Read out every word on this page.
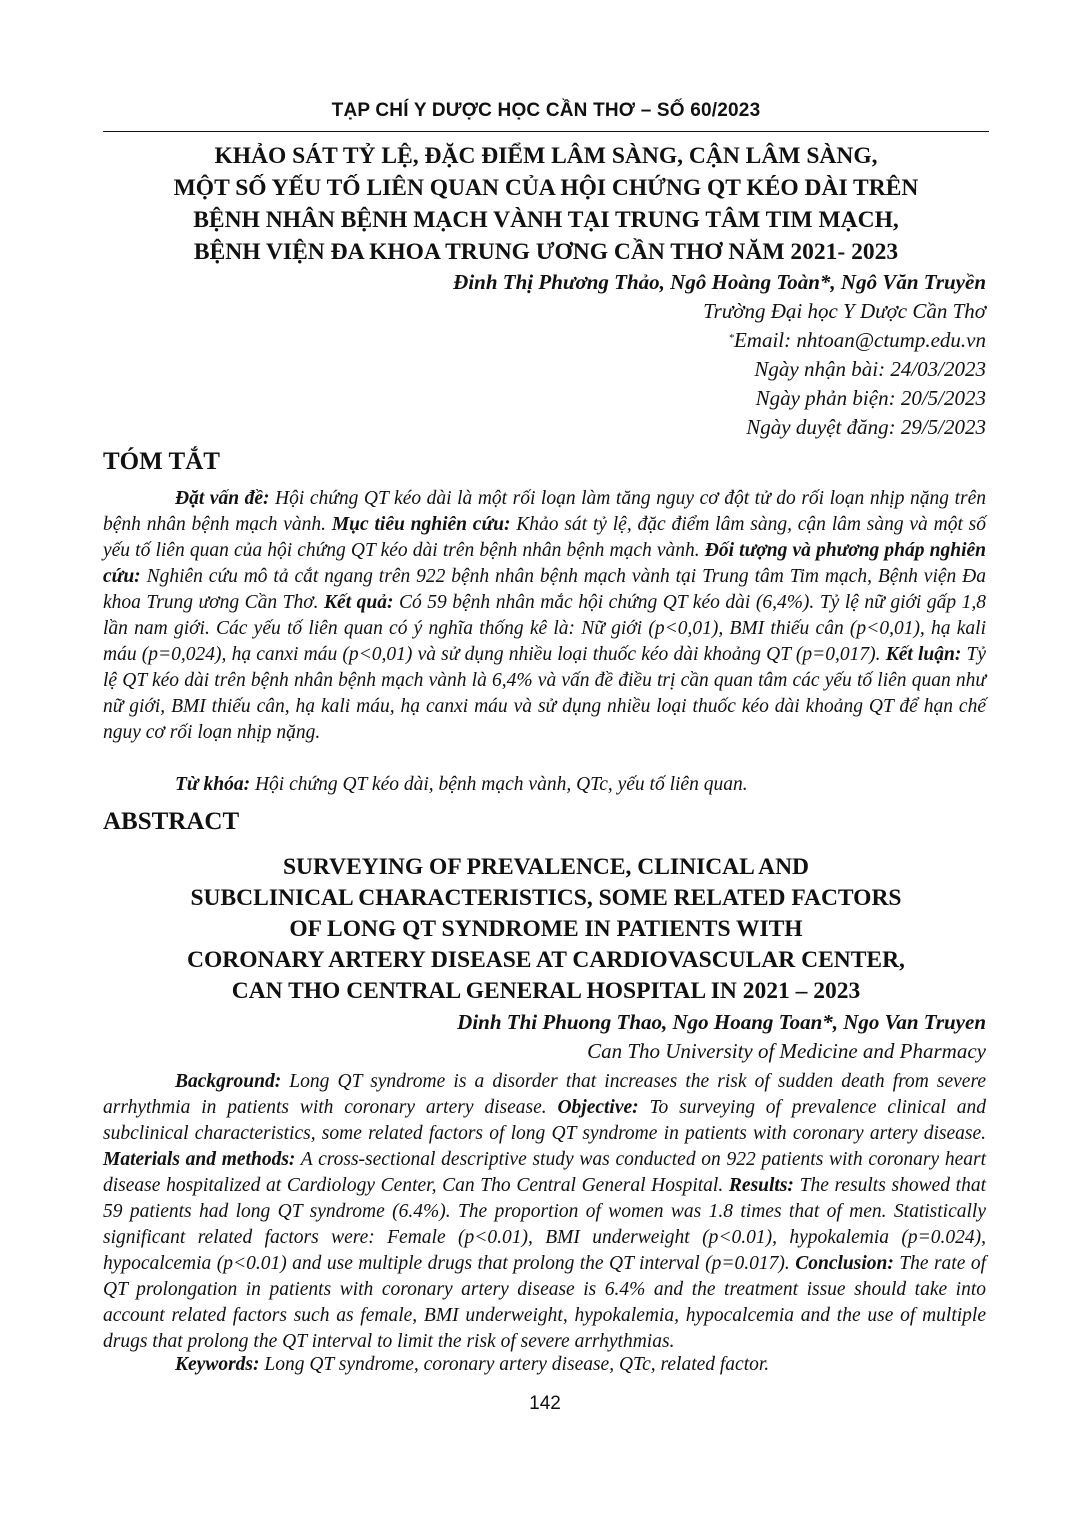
TẠP CHÍ Y DƯỢC HỌC CẦN THƠ – SỐ 60/2023
KHẢO SÁT TỶ LỆ, ĐẶC ĐIỂM LÂM SÀNG, CẬN LÂM SÀNG,
MỘT SỐ YẾU TỐ LIÊN QUAN CỦA HỘI CHỨNG QT KÉO DÀI TRÊN
BỆNH NHÂN BỆNH MẠCH VÀNH TẠI TRUNG TÂM TIM MẠCH,
BỆNH VIỆN ĐA KHOA TRUNG ƯƠNG CẦN THƠ NĂM 2021- 2023
Đinh Thị Phương Thảo, Ngô Hoàng Toàn*, Ngô Văn Truyền
Trường Đại học Y Dược Cần Thơ
*Email: nhtoan@ctump.edu.vn
Ngày nhận bài: 24/03/2023
Ngày phản biện: 20/5/2023
Ngày duyệt đăng: 29/5/2023
TÓM TẮT
Đặt vấn đề: Hội chứng QT kéo dài là một rối loạn làm tăng nguy cơ đột tử do rối loạn nhịp nặng trên bệnh nhân bệnh mạch vành. Mục tiêu nghiên cứu: Khảo sát tỷ lệ, đặc điểm lâm sàng, cận lâm sàng và một số yếu tố liên quan của hội chứng QT kéo dài trên bệnh nhân bệnh mạch vành. Đối tượng và phương pháp nghiên cứu: Nghiên cứu mô tả cắt ngang trên 922 bệnh nhân bệnh mạch vành tại Trung tâm Tim mạch, Bệnh viện Đa khoa Trung ương Cần Thơ. Kết quả: Có 59 bệnh nhân mắc hội chứng QT kéo dài (6,4%). Tỷ lệ nữ giới gấp 1,8 lần nam giới. Các yếu tố liên quan có ý nghĩa thống kê là: Nữ giới (p<0,01), BMI thiếu cân (p<0,01), hạ kali máu (p=0,024), hạ canxi máu (p<0,01) và sử dụng nhiều loại thuốc kéo dài khoảng QT (p=0,017). Kết luận: Tỷ lệ QT kéo dài trên bệnh nhân bệnh mạch vành là 6,4% và vấn đề điều trị cần quan tâm các yếu tố liên quan như nữ giới, BMI thiếu cân, hạ kali máu, hạ canxi máu và sử dụng nhiều loại thuốc kéo dài khoảng QT để hạn chế nguy cơ rối loạn nhịp nặng.
Từ khóa: Hội chứng QT kéo dài, bệnh mạch vành, QTc, yếu tố liên quan.
ABSTRACT
SURVEYING OF PREVALENCE, CLINICAL AND
SUBCLINICAL CHARACTERISTICS, SOME RELATED FACTORS
OF LONG QT SYNDROME IN PATIENTS WITH
CORONARY ARTERY DISEASE AT CARDIOVASCULAR CENTER,
CAN THO CENTRAL GENERAL HOSPITAL IN 2021 – 2023
Dinh Thi Phuong Thao, Ngo Hoang Toan*, Ngo Van Truyen
Can Tho University of Medicine and Pharmacy
Background: Long QT syndrome is a disorder that increases the risk of sudden death from severe arrhythmia in patients with coronary artery disease. Objective: To surveying of prevalence clinical and subclinical characteristics, some related factors of long QT syndrome in patients with coronary artery disease. Materials and methods: A cross-sectional descriptive study was conducted on 922 patients with coronary heart disease hospitalized at Cardiology Center, Can Tho Central General Hospital. Results: The results showed that 59 patients had long QT syndrome (6.4%). The proportion of women was 1.8 times that of men. Statistically significant related factors were: Female (p<0.01), BMI underweight (p<0.01), hypokalemia (p=0.024), hypocalcemia (p<0.01) and use multiple drugs that prolong the QT interval (p=0.017). Conclusion: The rate of QT prolongation in patients with coronary artery disease is 6.4% and the treatment issue should take into account related factors such as female, BMI underweight, hypokalemia, hypocalcemia and the use of multiple drugs that prolong the QT interval to limit the risk of severe arrhythmias.
Keywords: Long QT syndrome, coronary artery disease, QTc, related factor.
142
